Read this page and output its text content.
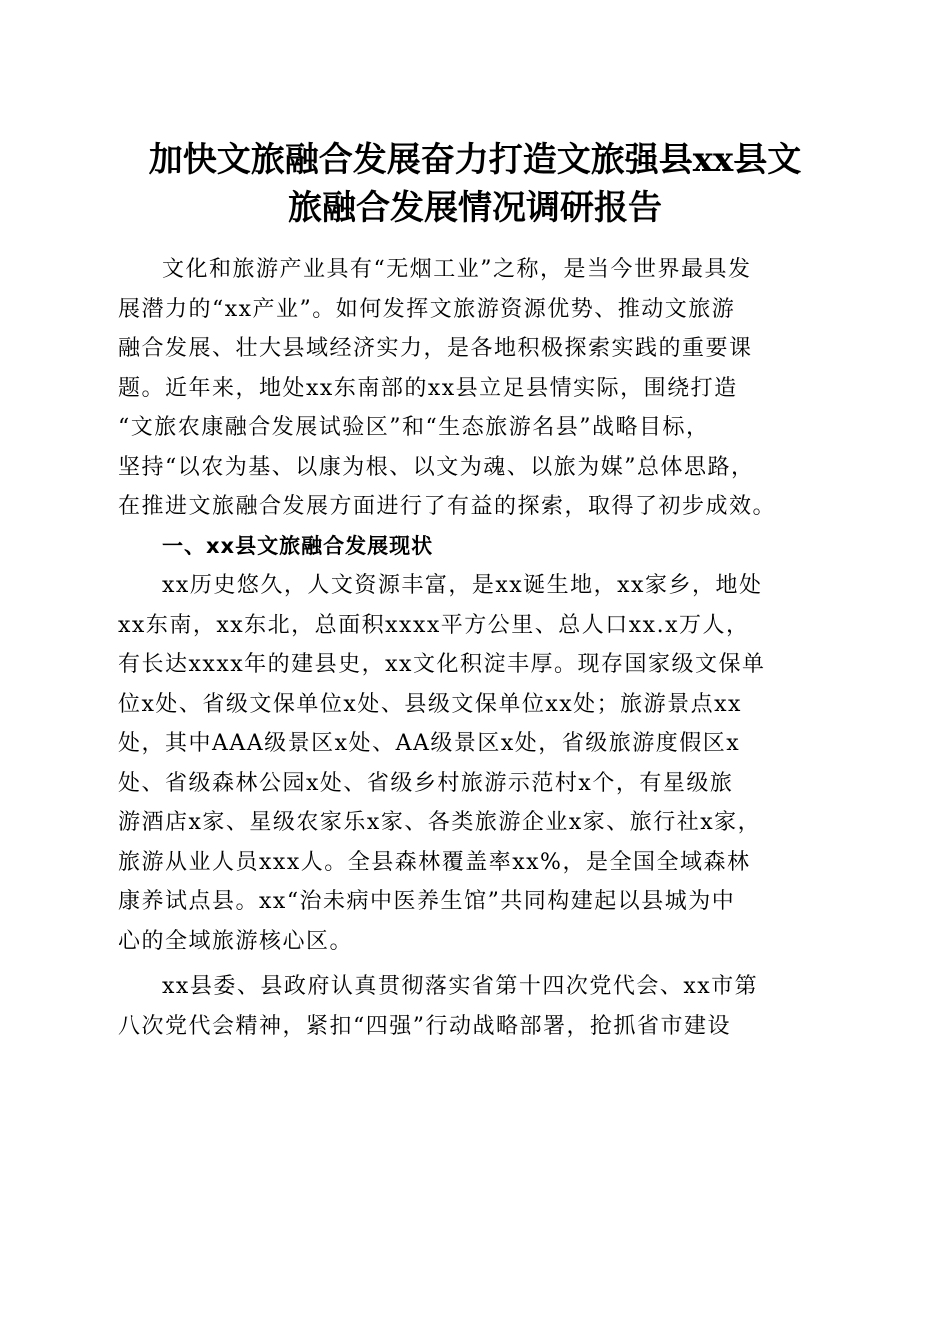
加快文旅融合发展奋力打造文旅强县xx县文
旅融合发展情况调研报告

文化和旅游产业具有“无烟工业”之称，是当今世界最具发
展潜力的“xx产业”。如何发挥文旅游资源优势、推动文旅游
融合发展、壮大县域经济实力，是各地积极探索实践的重要课
题。近年来，地处xx东南部的xx县立足县情实际，围绕打造
“文旅农康融合发展试验区”和“生态旅游名县”战略目标，
坚持“以农为基、以康为根、以文为魂、以旅为媒”总体思路，
在推进文旅融合发展方面进行了有益的探索，取得了初步成效。

一、xx县文旅融合发展现状

xx历史悠久，人文资源丰富，是xx诞生地，xx家乡，地处
xx东南，xx东北，总面积xxxx平方公里、总人口xx.x万人，
有长达xxxx年的建县史，xx文化积淀丰厚。现存国家级文保单
位x处、省级文保单位x处、县级文保单位xx处；旅游景点xx
处，其中AAA级景区x处、AA级景区x处，省级旅游度假区x
处、省级森林公园x处、省级乡村旅游示范村x个，有星级旅
游酒店x家、星级农家乐x家、各类旅游企业x家、旅行社x家，
旅游从业人员xxx人。全县森林覆盖率xx%，是全国全域森林
康养试点县。xx“治未病中医养生馆”共同构建起以县城为中
心的全域旅游核心区。

xx县委、县政府认真贯彻落实省第十四次党代会、xx市第
八次党代会精神，紧扣“四强”行动战略部署，抢抓省市建设
